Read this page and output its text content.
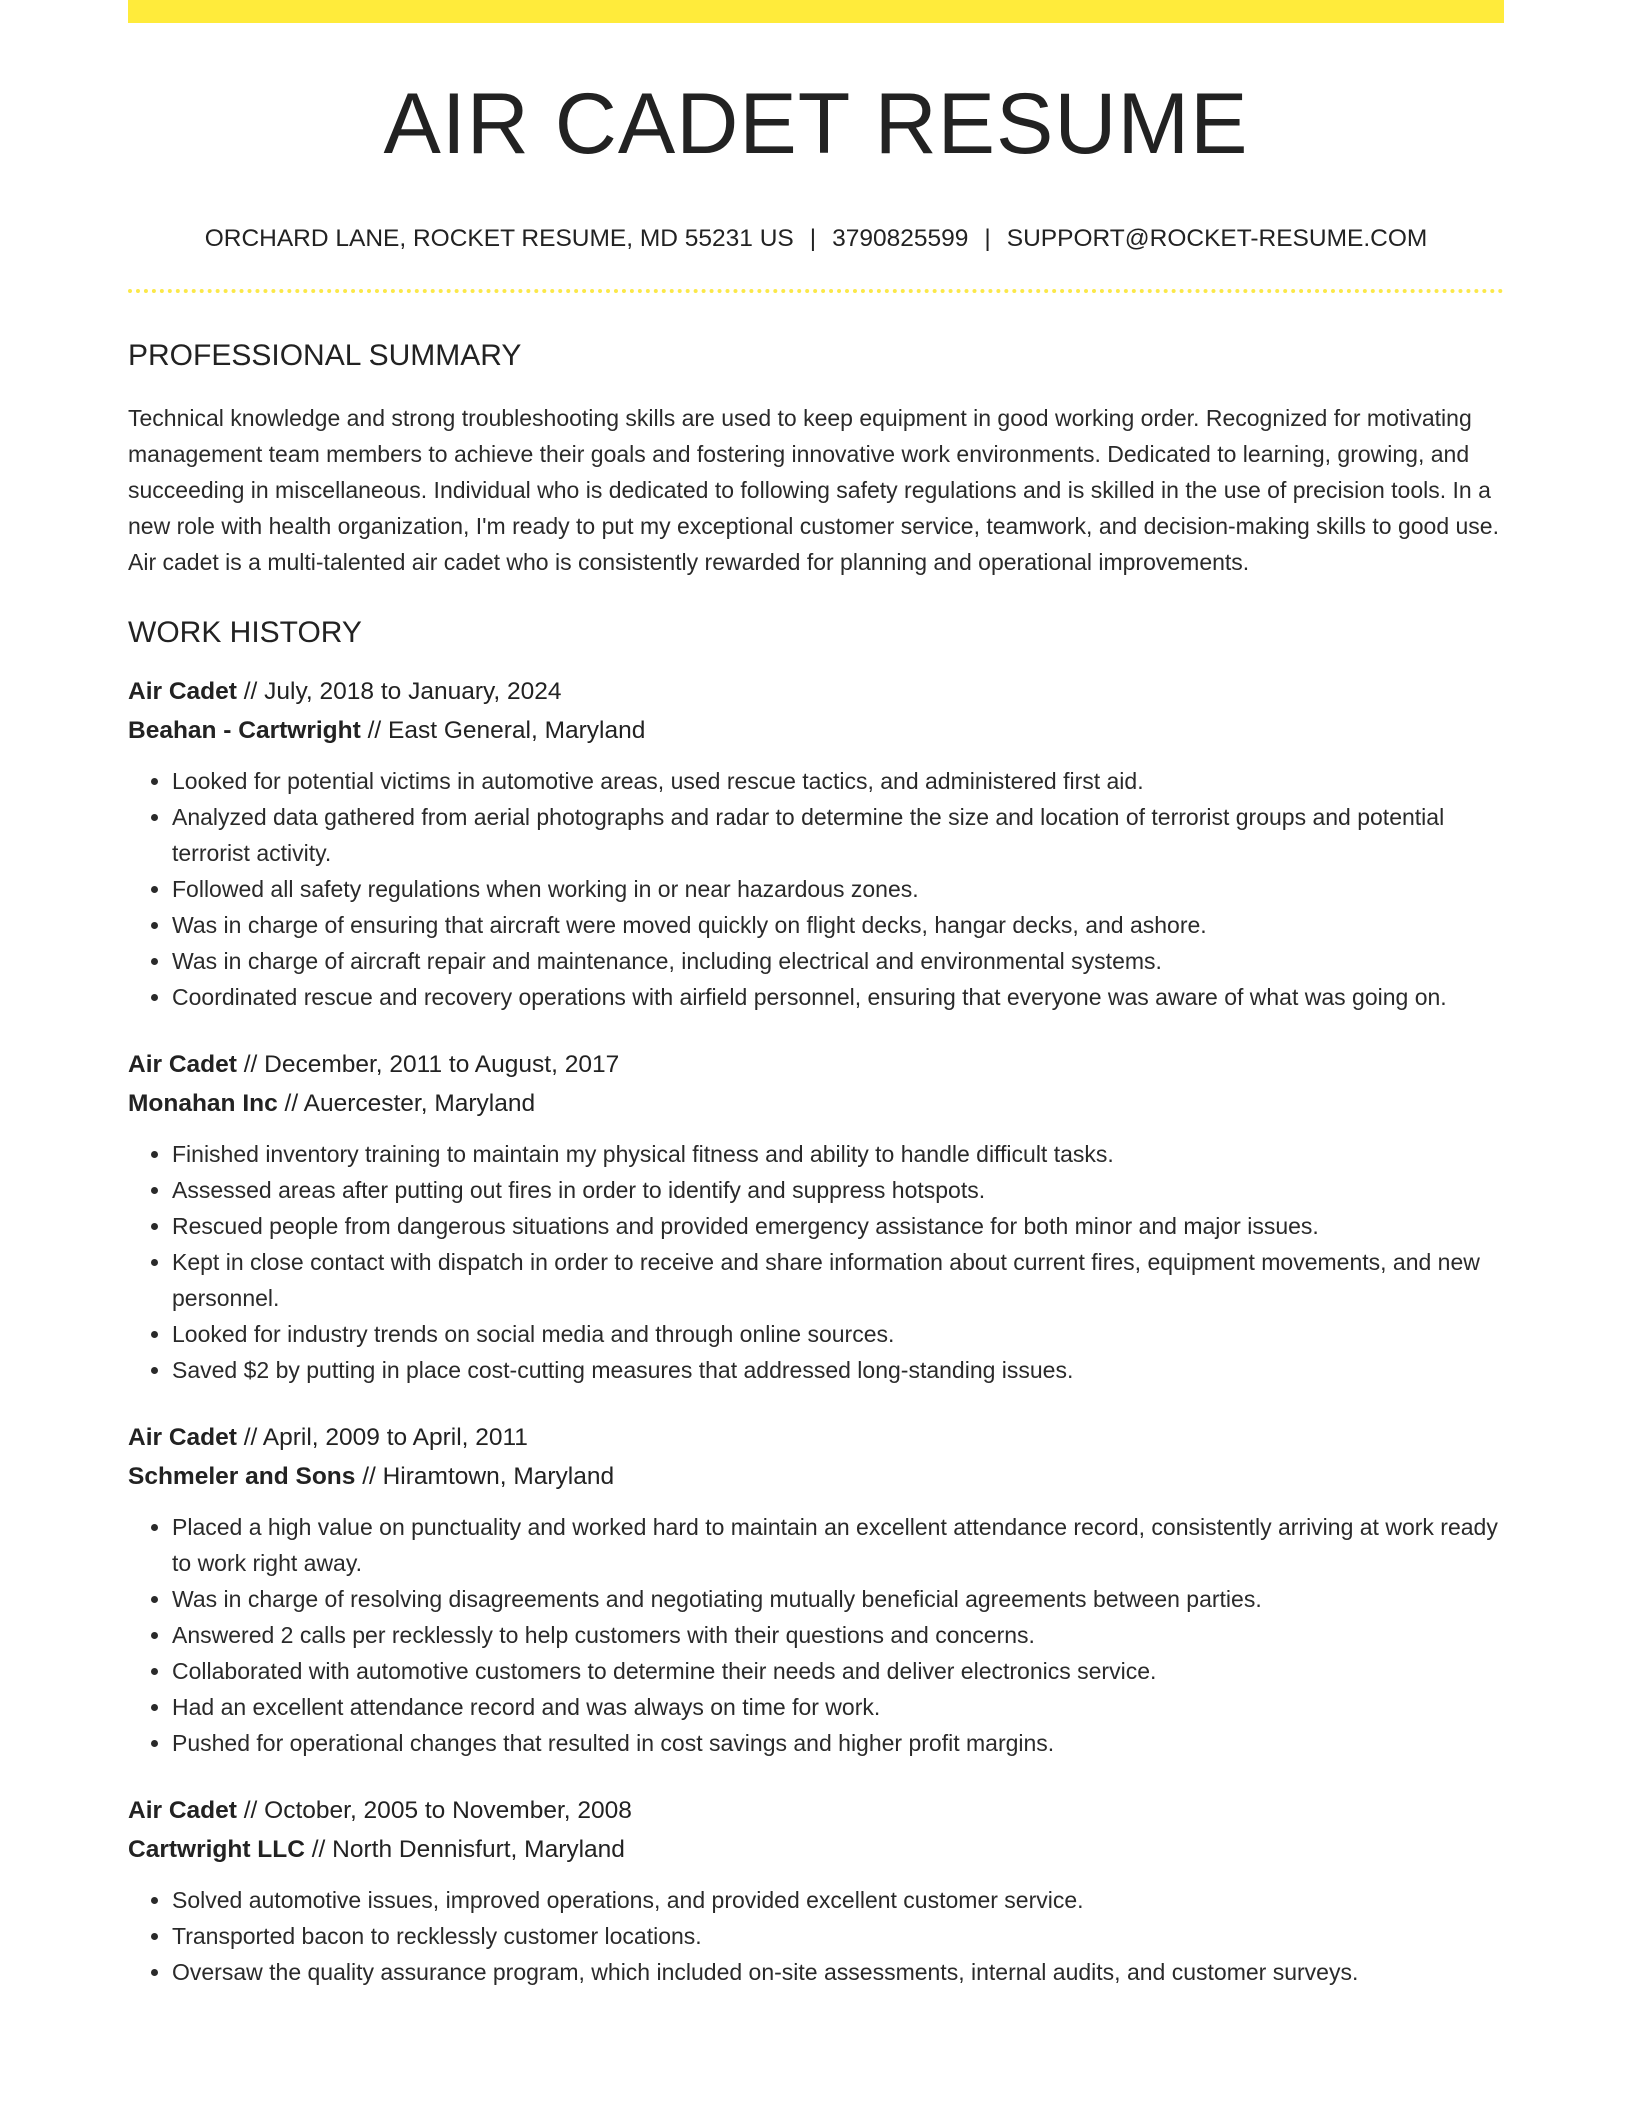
AIR CADET RESUME
ORCHARD LANE, ROCKET RESUME, MD 55231 US | 3790825599 | SUPPORT@ROCKET-RESUME.COM
PROFESSIONAL SUMMARY

Technical knowledge and strong troubleshooting skills are used to keep equipment in good working order. Recognized for motivating management team members to achieve their goals and fostering innovative work environments. Dedicated to learning, growing, and succeeding in miscellaneous. Individual who is dedicated to following safety regulations and is skilled in the use of precision tools. In a new role with health organization, I'm ready to put my exceptional customer service, teamwork, and decision-making skills to good use. Air cadet is a multi-talented air cadet who is consistently rewarded for planning and operational improvements.

WORK HISTORY
Air Cadet // July, 2018 to January, 2024
Beahan - Cartwright // East General, Maryland
• Looked for potential victims in automotive areas, used rescue tactics, and administered first aid.
• Analyzed data gathered from aerial photographs and radar to determine the size and location of terrorist groups and potential terrorist activity.
• Followed all safety regulations when working in or near hazardous zones.
• Was in charge of ensuring that aircraft were moved quickly on flight decks, hangar decks, and ashore.
• Was in charge of aircraft repair and maintenance, including electrical and environmental systems.
• Coordinated rescue and recovery operations with airfield personnel, ensuring that everyone was aware of what was going on.
Air Cadet // December, 2011 to August, 2017
Monahan Inc // Auercester, Maryland
• Finished inventory training to maintain my physical fitness and ability to handle difficult tasks.
• Assessed areas after putting out fires in order to identify and suppress hotspots.
• Rescued people from dangerous situations and provided emergency assistance for both minor and major issues.
• Kept in close contact with dispatch in order to receive and share information about current fires, equipment movements, and new personnel.
• Looked for industry trends on social media and through online sources.
• Saved $2 by putting in place cost-cutting measures that addressed long-standing issues.
Air Cadet // April, 2009 to April, 2011
Schmeler and Sons // Hiramtown, Maryland
• Placed a high value on punctuality and worked hard to maintain an excellent attendance record, consistently arriving at work ready to work right away.
• Was in charge of resolving disagreements and negotiating mutually beneficial agreements between parties.
• Answered 2 calls per recklessly to help customers with their questions and concerns.
• Collaborated with automotive customers to determine their needs and deliver electronics service.
• Had an excellent attendance record and was always on time for work.
• Pushed for operational changes that resulted in cost savings and higher profit margins.
Air Cadet // October, 2005 to November, 2008
Cartwright LLC // North Dennisfurt, Maryland
• Solved automotive issues, improved operations, and provided excellent customer service.
• Transported bacon to recklessly customer locations.
• Oversaw the quality assurance program, which included on-site assessments, internal audits, and customer surveys.
